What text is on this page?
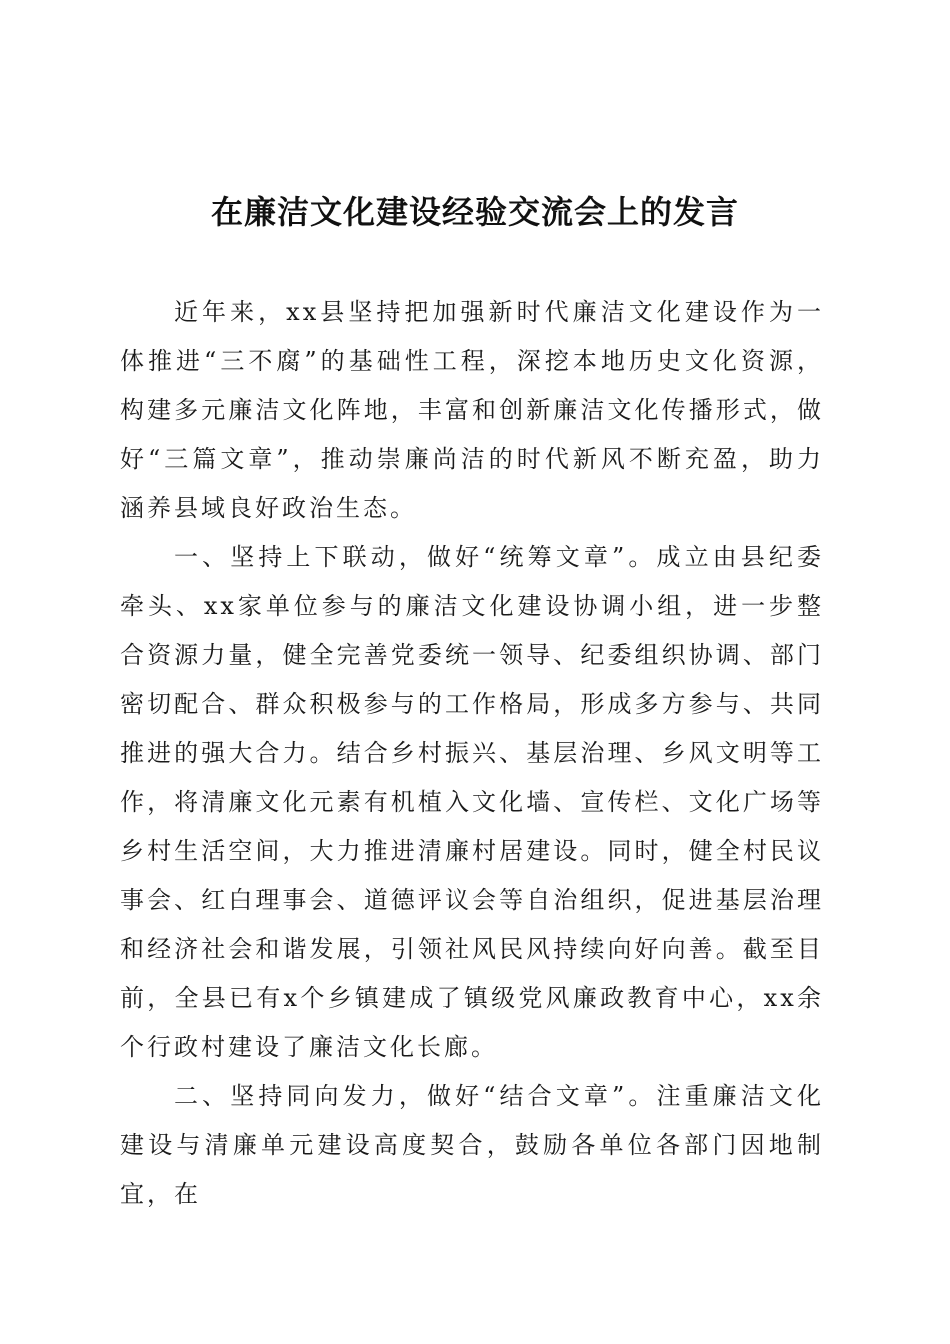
在廉洁文化建设经验交流会上的发言

近年来，xx县坚持把加强新时代廉洁文化建设作为一体推进“三不腐”的基础性工程，深挖本地历史文化资源，构建多元廉洁文化阵地，丰富和创新廉洁文化传播形式，做好“三篇文章”，推动崇廉尚洁的时代新风不断充盈，助力涵养县域良好政治生态。

一、坚持上下联动，做好“统筹文章”。成立由县纪委牵头、xx家单位参与的廉洁文化建设协调小组，进一步整合资源力量，健全完善党委统一领导、纪委组织协调、部门密切配合、群众积极参与的工作格局，形成多方参与、共同推进的强大合力。结合乡村振兴、基层治理、乡风文明等工作，将清廉文化元素有机植入文化墙、宣传栏、文化广场等乡村生活空间，大力推进清廉村居建设。同时，健全村民议事会、红白理事会、道德评议会等自治组织，促进基层治理和经济社会和谐发展，引领社风民风持续向好向善。截至目前，全县已有x个乡镇建成了镇级党风廉政教育中心，xx余个行政村建设了廉洁文化长廊。

二、坚持同向发力，做好“结合文章”。注重廉洁文化建设与清廉单元建设高度契合，鼓励各单位各部门因地制宜，在
